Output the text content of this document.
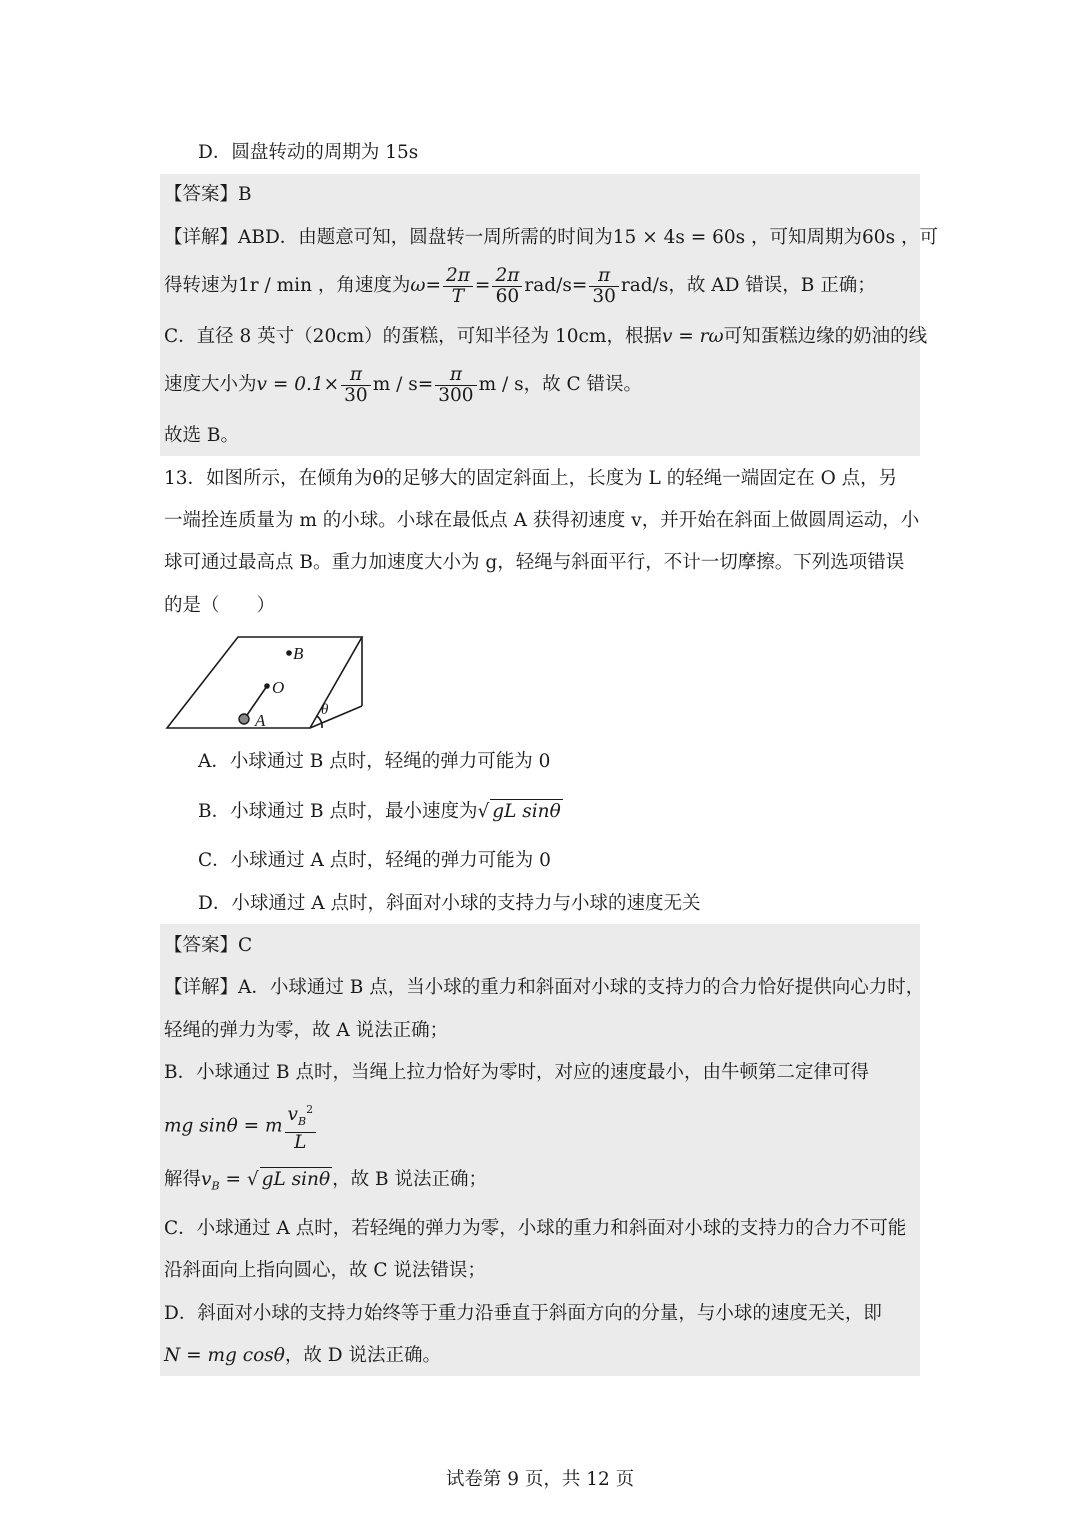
D．圆盘转动的周期为 15s
【答案】B
【详解】ABD．由题意可知，圆盘转一周所需的时间为15 × 4s = 60s ，可知周期为60s ，可
得转速为1r / min ，角速度为$\omega= \frac{2\pi}{T} = \frac{2\pi}{60} rad/s= \frac{\pi}{30} rad/s$，故 AD 错误，B 正确；
C．直径 8 英寸（20cm）的蛋糕，可知半径为 10cm，根据v = rω可知蛋糕边缘的奶油的线
速度大小为$v = 0.1\times \frac{\pi}{30}$ $m / s= \frac{\pi}{300}$ m / s，故 C 错误。
故选 B。
13．如图所示，在倾角为θ的足够大的固定斜面上，长度为 L 的轻绳一端固定在 O 点，另
一端拴连质量为 m 的小球。小球在最低点 A 获得初速度 v，并开始在斜面上做圆周运动，小
球可通过最高点 B。重力加速度大小为 g，轻绳与斜面平行，不计一切摩擦。下列选项错误
的是（　　）
B
O
A
θ
A．小球通过 B 点时，轻绳的弹力可能为 0
B．小球通过 B 点时，最小速度为√ gL sinθ
C．小球通过 A 点时，轻绳的弹力可能为 0
D．小球通过 A 点时，斜面对小球的支持力与小球的速度无关
【答案】C
【详解】A．小球通过 B 点，当小球的重力和斜面对小球的支持力的合力恰好提供向心力时，
轻绳的弹力为零，故 A 说法正确；
B．小球通过 B 点时，当绳上拉力恰好为零时，对应的速度最小，由牛顿第二定律可得
mg sinθ = m $\frac{v_B^2}{L}$
解得$v_B$ = √ gL sinθ ，故 B 说法正确；
C．小球通过 A 点时，若轻绳的弹力为零，小球的重力和斜面对小球的支持力的合力不可能
沿斜面向上指向圆心，故 C 说法错误；
D．斜面对小球的支持力始终等于重力沿垂直于斜面方向的分量，与小球的速度无关，即
N = mg cosθ，故 D 说法正确。
试卷第 9 页，共 12 页
